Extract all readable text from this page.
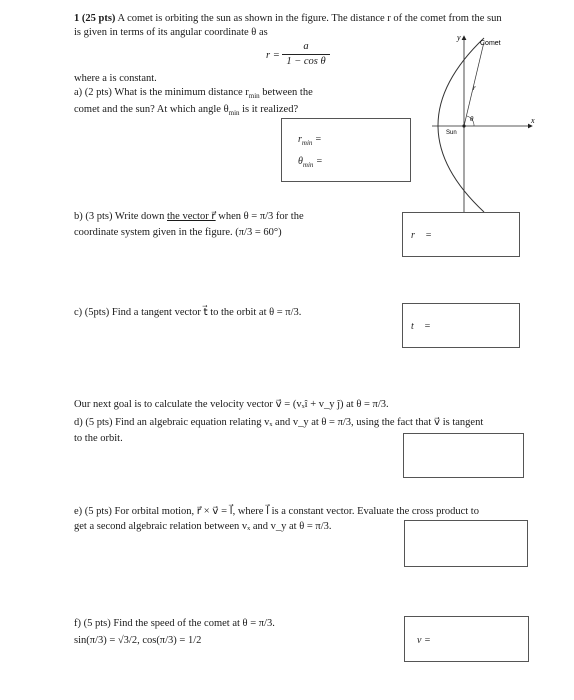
1 (25 pts) A comet is orbiting the sun as shown in the figure. The distance r of the comet from the sun
is given in terms of its angular coordinate θ as
$r = \frac{a}{\text{1 − cos θ}}$
where a is constant.
a) (2 pts) What is the minimum distance $r_{min}$ between the
comet and the sun? At which angle $\theta_{min}$ is it realized?
$r_{min}$ =
$\theta_{min}$ =
y
x
Comet
Sun
r
θ
b) (3 pts) Write down the vector r⃗ when θ = π/3 for the
coordinate system given in the figure. (π/3 = 60°)	r⃗ =
c) (5pts) Find a tangent vector t⃗ to the orbit at θ = π/3.
t⃗ =
Our next goal is to calculate the velocity vector v⃗ = (vₓî + v_y ĵ) at θ = π/3.
d) (5 pts) Find an algebraic equation relating vₓ and v_y at θ = π/3, using the fact that v⃗ is tangent
to the orbit.
e) (5 pts) For orbital motion, r⃗ × v⃗ = l⃗, where l⃗ is a constant vector. Evaluate the cross product to
get a second algebraic relation between vₓ and v_y at θ = π/3.
f) (5 pts) Find the speed of the comet at θ = π/3.
sin(π/3) = √3/2, cos(π/3) = 1/2	v =
